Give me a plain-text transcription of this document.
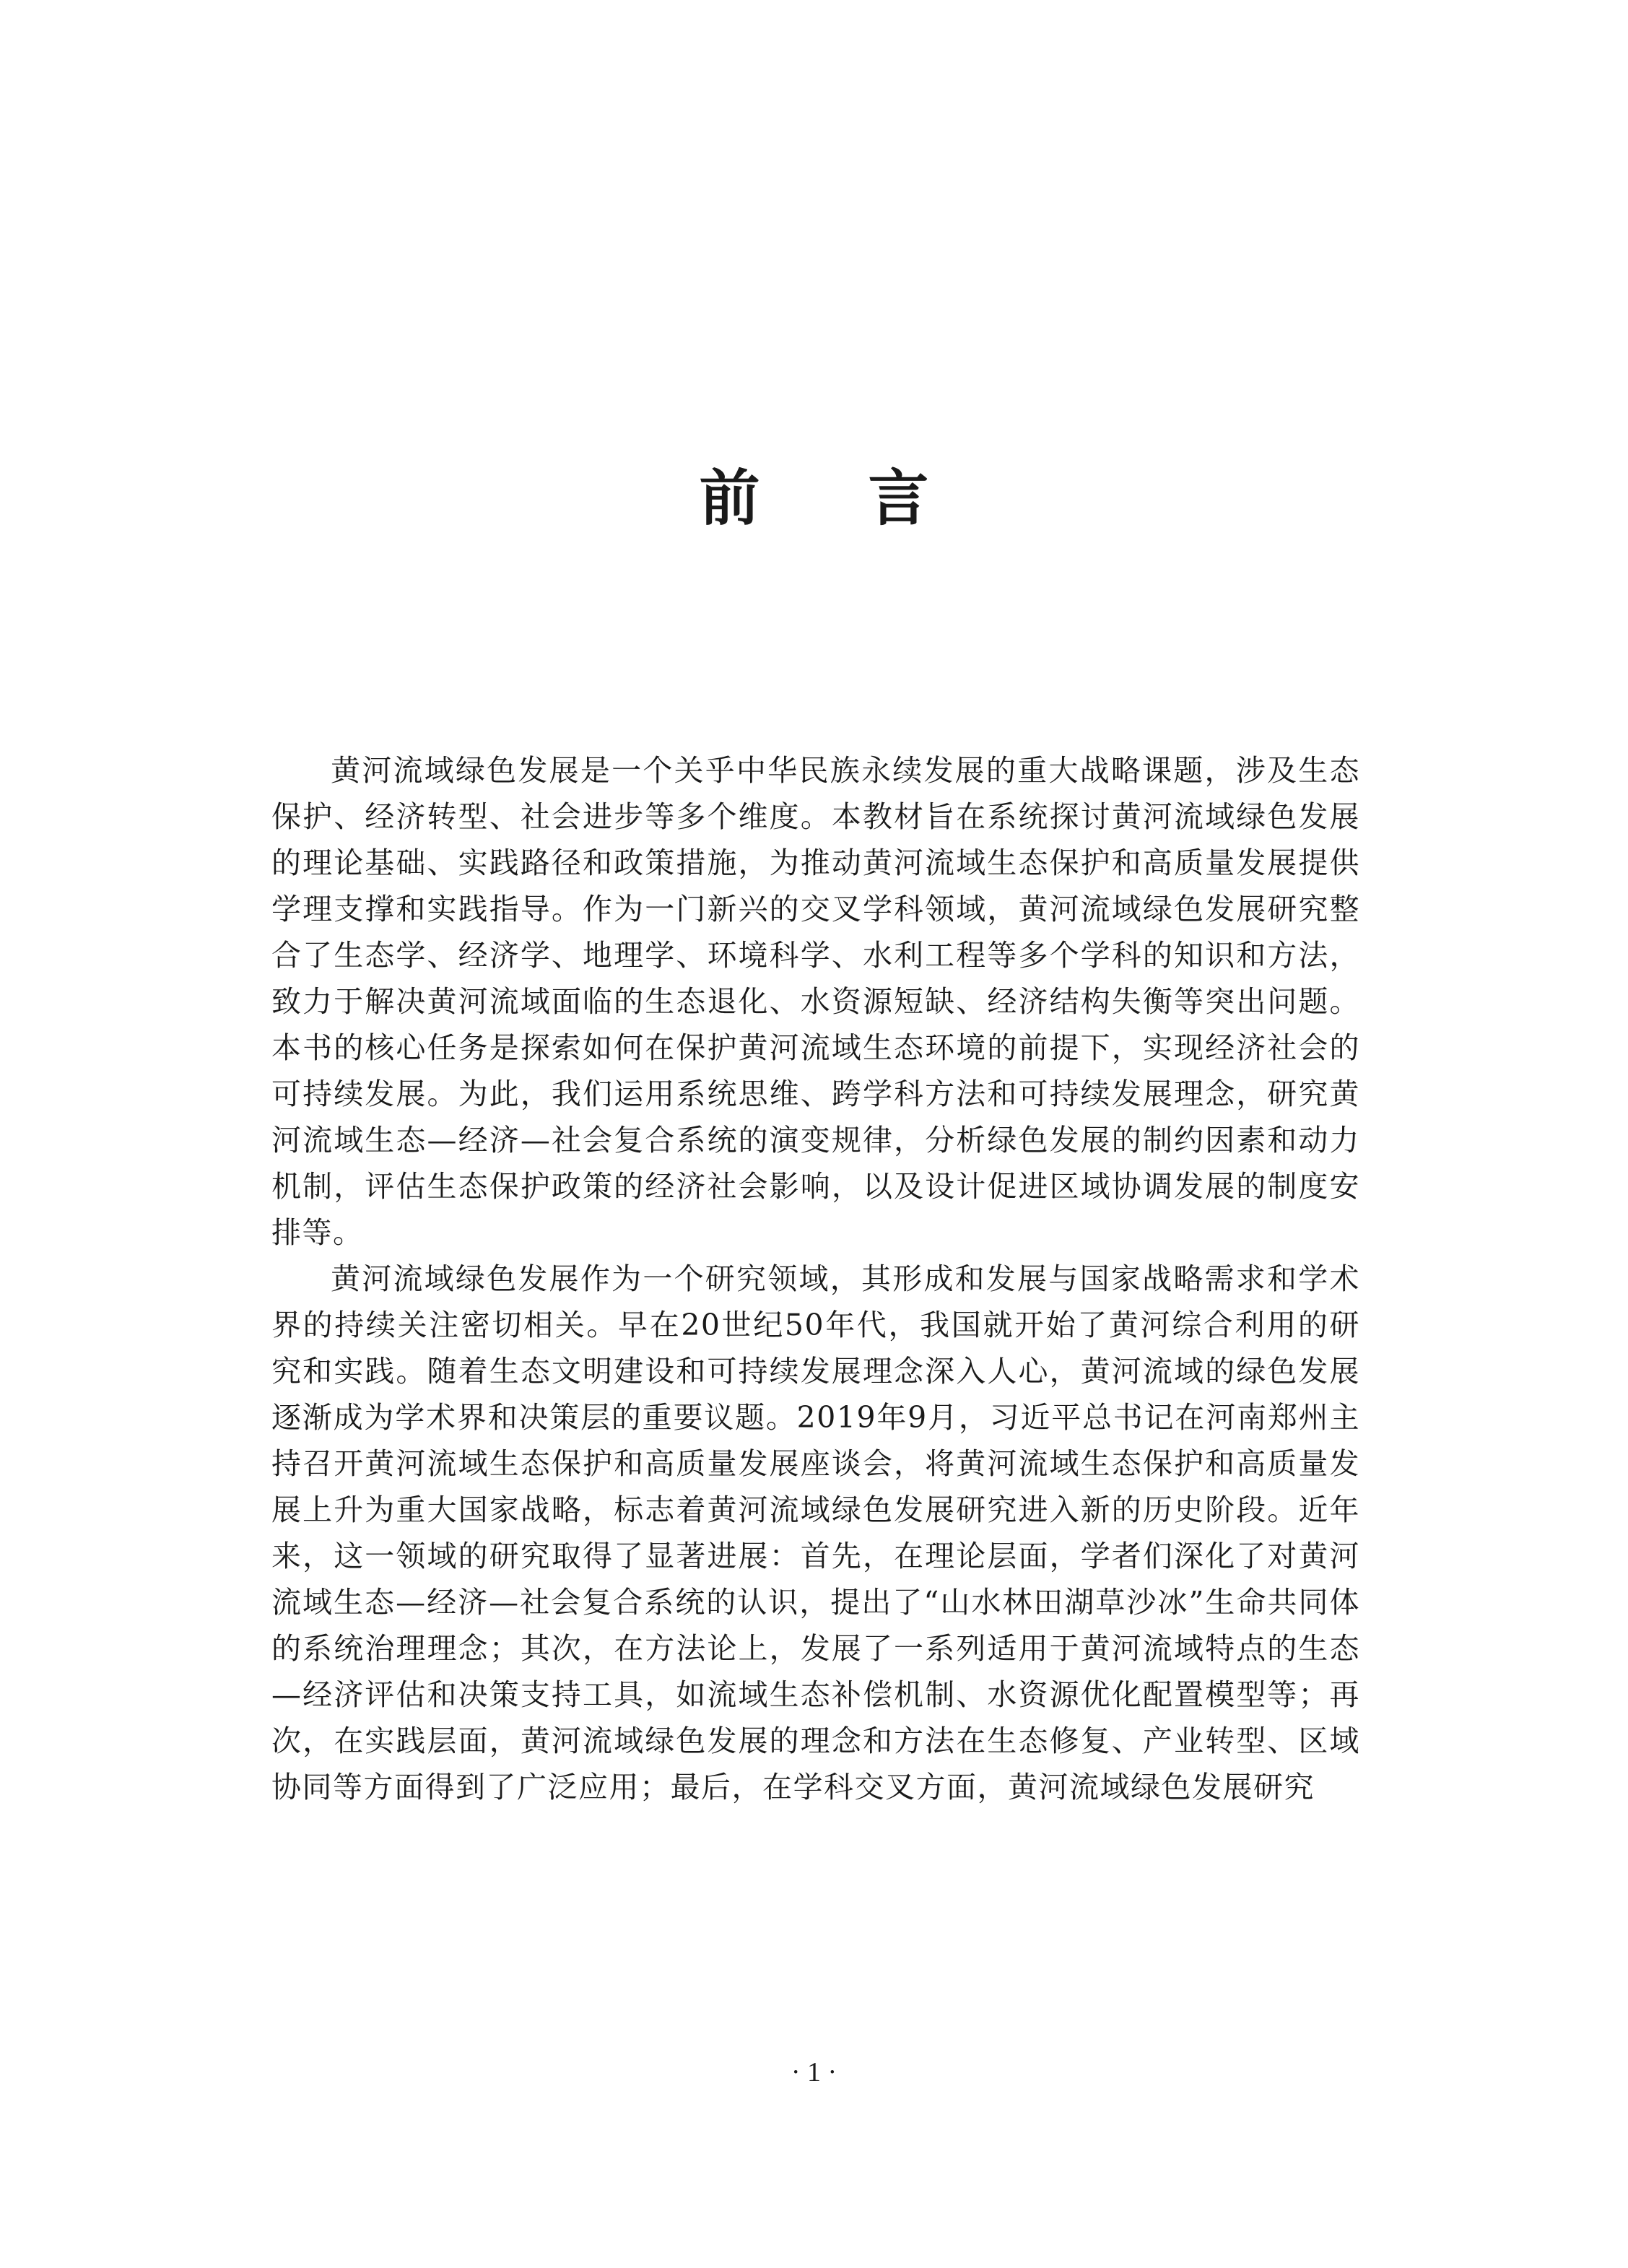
前 言

黄河流域绿色发展是一个关乎中华民族永续发展的重大战略课题，涉及生态保护、经济转型、社会进步等多个维度。本教材旨在系统探讨黄河流域绿色发展的理论基础、实践路径和政策措施，为推动黄河流域生态保护和高质量发展提供学理支撑和实践指导。作为一门新兴的交叉学科领域，黄河流域绿色发展研究整合了生态学、经济学、地理学、环境科学、水利工程等多个学科的知识和方法，致力于解决黄河流域面临的生态退化、水资源短缺、经济结构失衡等突出问题。本书的核心任务是探索如何在保护黄河流域生态环境的前提下，实现经济社会的可持续发展。为此，我们运用系统思维、跨学科方法和可持续发展理念，研究黄河流域生态—经济—社会复合系统的演变规律，分析绿色发展的制约因素和动力机制，评估生态保护政策的经济社会影响，以及设计促进区域协调发展的制度安排等。

黄河流域绿色发展作为一个研究领域，其形成和发展与国家战略需求和学术界的持续关注密切相关。早在20世纪50年代，我国就开始了黄河综合利用的研究和实践。随着生态文明建设和可持续发展理念深入人心，黄河流域的绿色发展逐渐成为学术界和决策层的重要议题。2019年9月，习近平总书记在河南郑州主持召开黄河流域生态保护和高质量发展座谈会，将黄河流域生态保护和高质量发展上升为重大国家战略，标志着黄河流域绿色发展研究进入新的历史阶段。近年来，这一领域的研究取得了显著进展：首先，在理论层面，学者们深化了对黄河流域生态—经济—社会复合系统的认识，提出了“山水林田湖草沙冰”生命共同体的系统治理理念；其次，在方法论上，发展了一系列适用于黄河流域特点的生态—经济评估和决策支持工具，如流域生态补偿机制、水资源优化配置模型等；再次，在实践层面，黄河流域绿色发展的理念和方法在生态修复、产业转型、区域协同等方面得到了广泛应用；最后，在学科交叉方面，黄河流域绿色发展研究

· 1 ·
